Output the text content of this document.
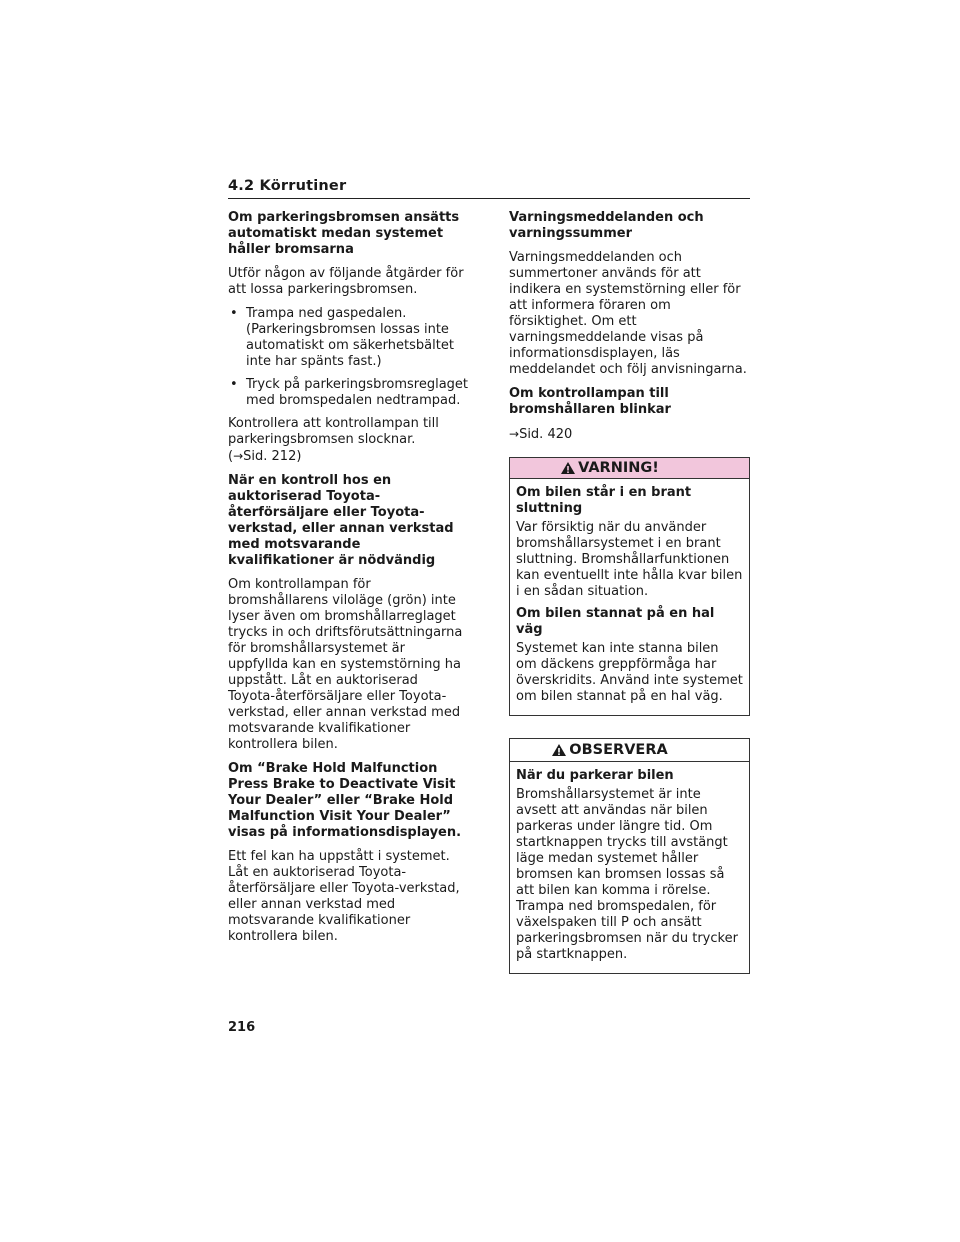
4.2 Körrutiner
Om parkeringsbromsen ansätts automatiskt medan systemet håller bromsarna
Utför någon av följande åtgärder för att lossa parkeringsbromsen.
• Trampa ned gaspedalen. (Parkeringsbromsen lossas inte automatiskt om säkerhetsbältet inte har spänts fast.)
• Tryck på parkeringsbromsreglaget med bromspedalen nedtrampad.
Kontrollera att kontrollampan till parkeringsbromsen slocknar.
(→Sid. 212)
När en kontroll hos en auktoriserad Toyota-återförsäljare eller Toyota-verkstad, eller annan verkstad med motsvarande kvalifikationer är nödvändig
Om kontrollampan för bromshållarens viloläge (grön) inte lyser även om bromshållarreglaget trycks in och driftsförutsättningarna för bromshållarsystemet är uppfyllda kan en systemstörning ha uppstått. Låt en auktoriserad Toyota-återförsäljare eller Toyota-verkstad, eller annan verkstad med motsvarande kvalifikationer kontrollera bilen.
Om “Brake Hold Malfunction Press Brake to Deactivate Visit Your Dealer” eller “Brake Hold Malfunction Visit Your Dealer” visas på informationsdisplayen.
Ett fel kan ha uppstått i systemet. Låt en auktoriserad Toyota-återförsäljare eller Toyota-verkstad, eller annan verkstad med motsvarande kvalifikationer kontrollera bilen.
Varningsmeddelanden och varningssummer
Varningsmeddelanden och summertoner används för att indikera en systemstörning eller för att informera föraren om försiktighet. Om ett varningsmeddelande visas på informationsdisplayen, läs meddelandet och följ anvisningarna.
Om kontrollampan till bromshållaren blinkar
→Sid. 420
VARNING!
Om bilen står i en brant sluttning
Var försiktig när du använder bromshållarsystemet i en brant sluttning. Bromshållarfunktionen kan eventuellt inte hålla kvar bilen i en sådan situation.
Om bilen stannat på en hal väg
Systemet kan inte stanna bilen om däckens greppförmåga har överskridits. Använd inte systemet om bilen stannat på en hal väg.
OBSERVERA
När du parkerar bilen
Bromshållarsystemet är inte avsett att användas när bilen parkeras under längre tid. Om startknappen trycks till avstängt läge medan systemet håller bromsen kan bromsen lossas så att bilen kan komma i rörelse. Trampa ned bromspedalen, för växelspaken till P och ansätt parkeringsbromsen när du trycker på startknappen.
216
